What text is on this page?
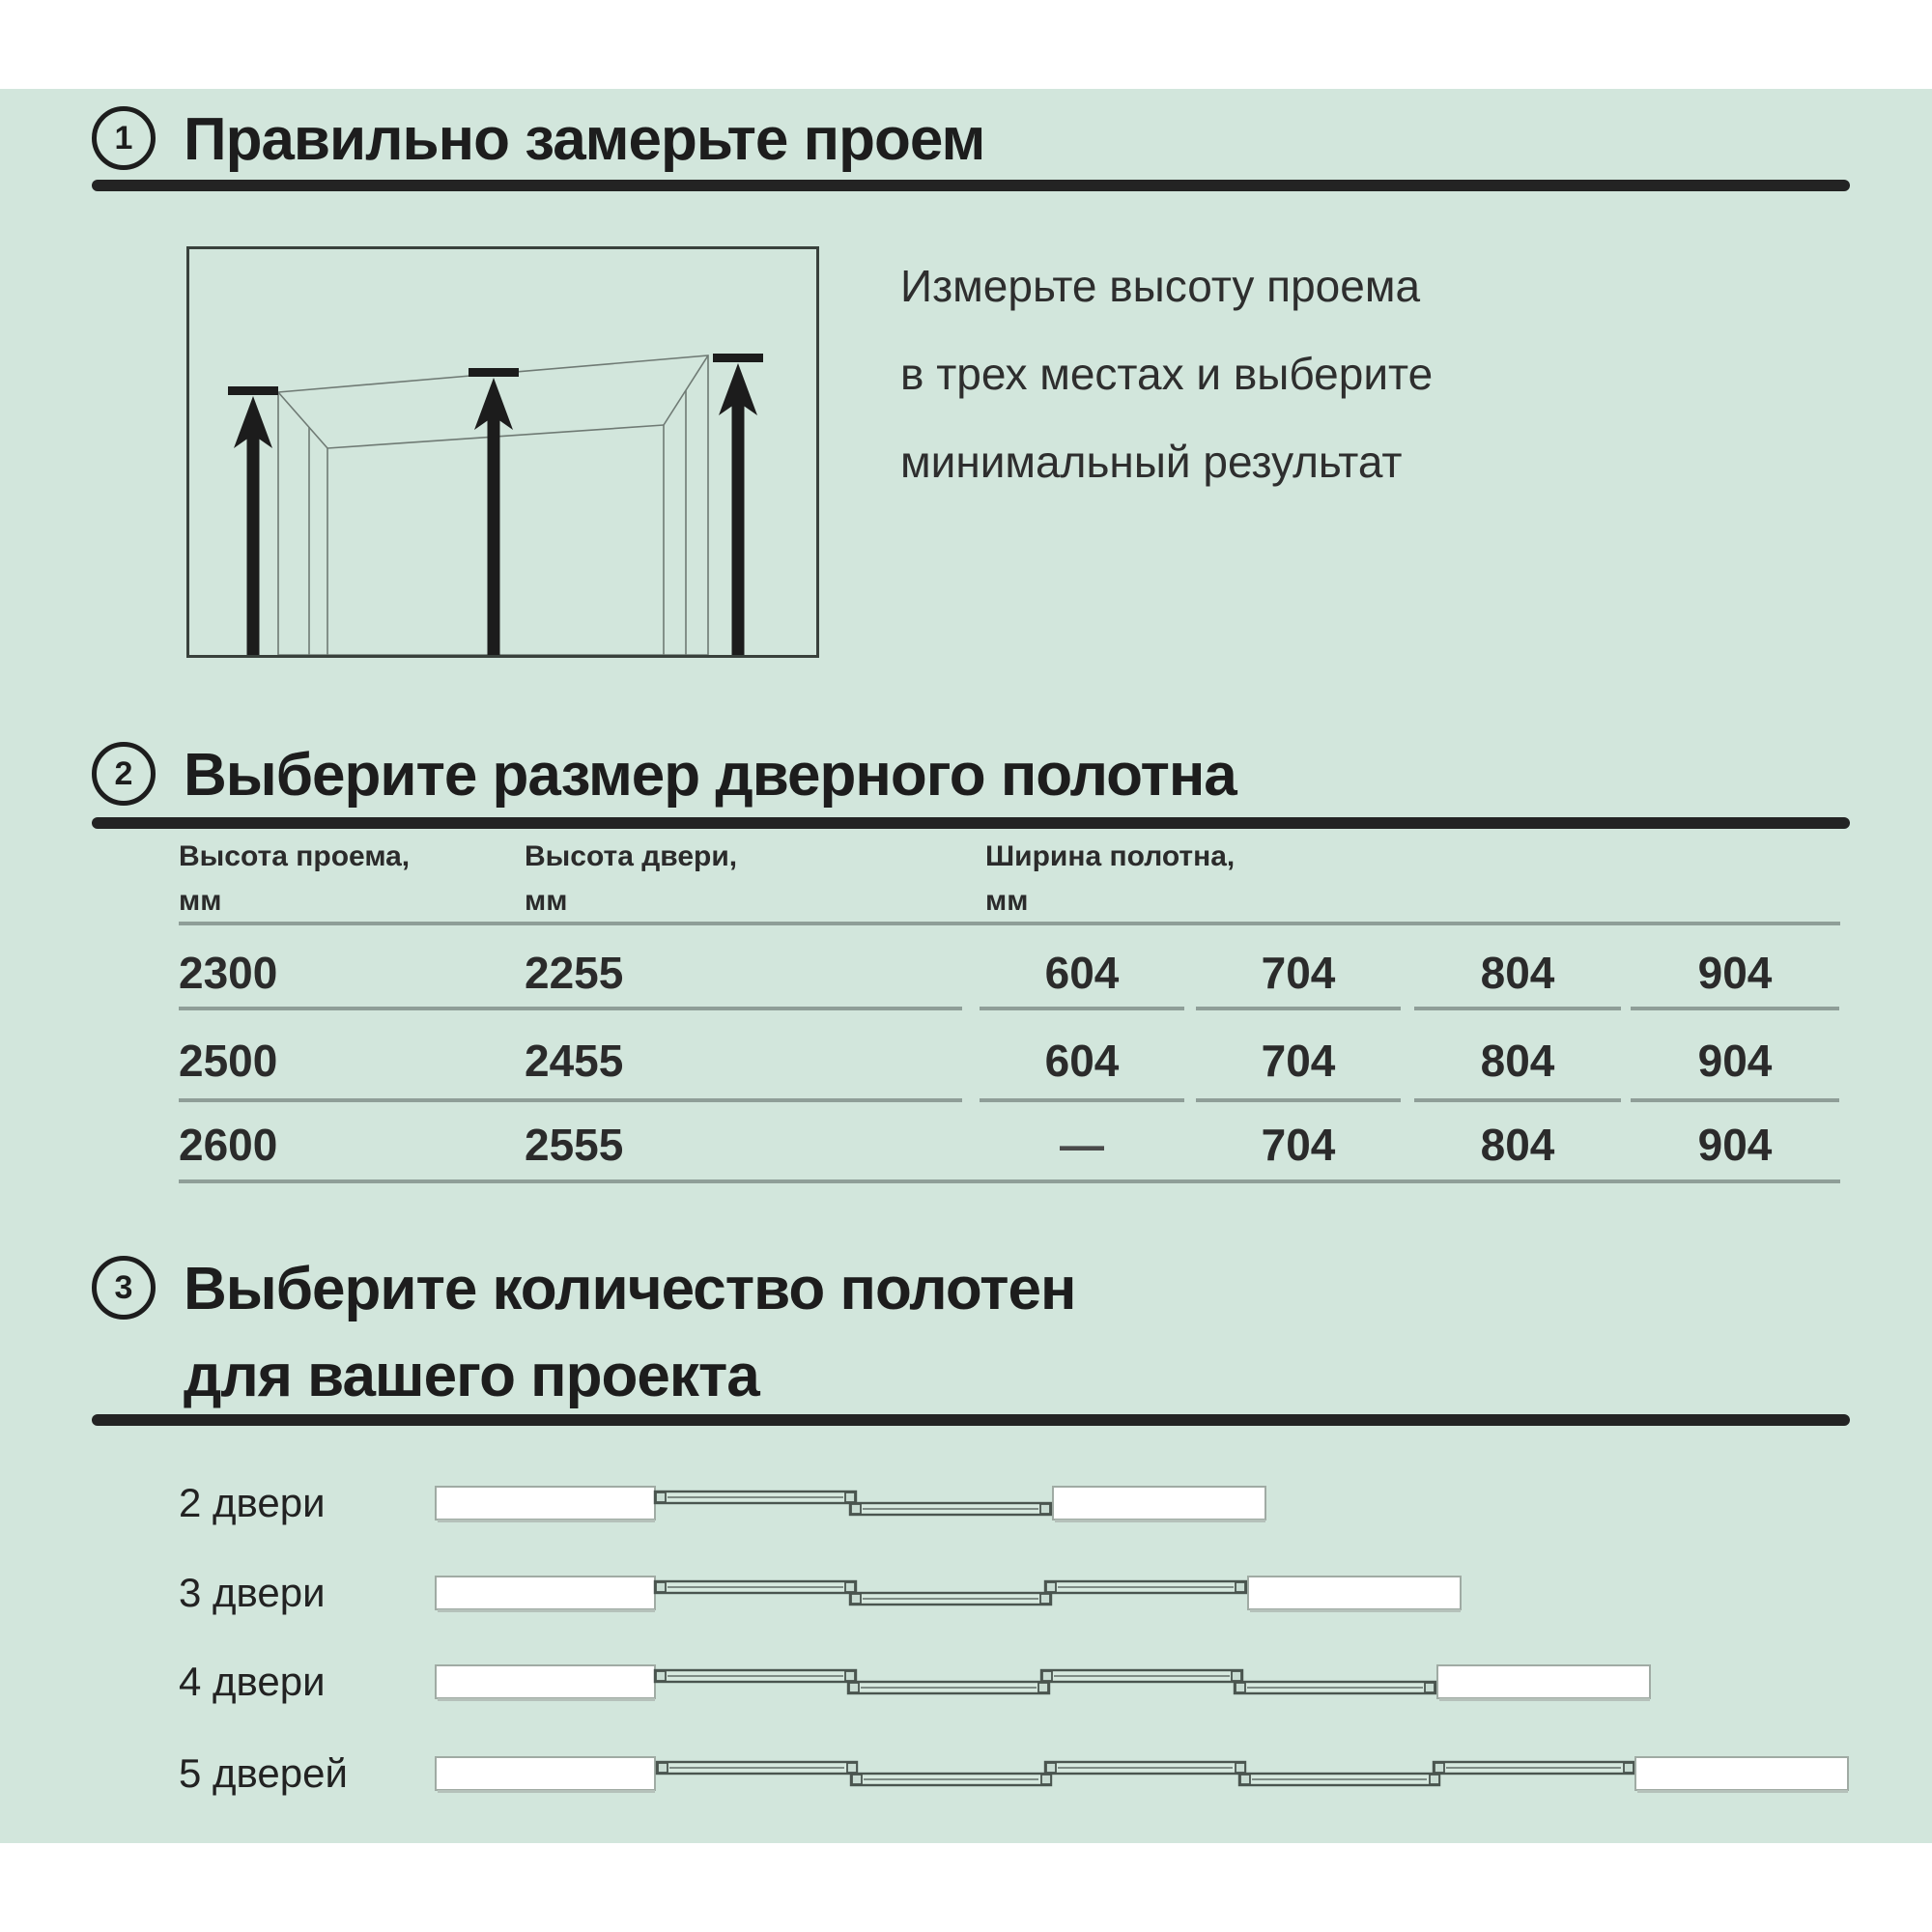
1 Правильно замерьте проем
Измерьте высоту проема
в трех местах и выберите
минимальный результат
2 Выберите размер дверного полотна
Высота проема,
мм
Высота двери,
мм
Ширина полотна,
мм
2300	2255	604	704	804	904
2500	2455	604	704	804	904
2600	2555	—	704	804	904
3 Выберите количество полотен
для вашего проекта
2 двери
3 двери
4 двери
5 дверей
